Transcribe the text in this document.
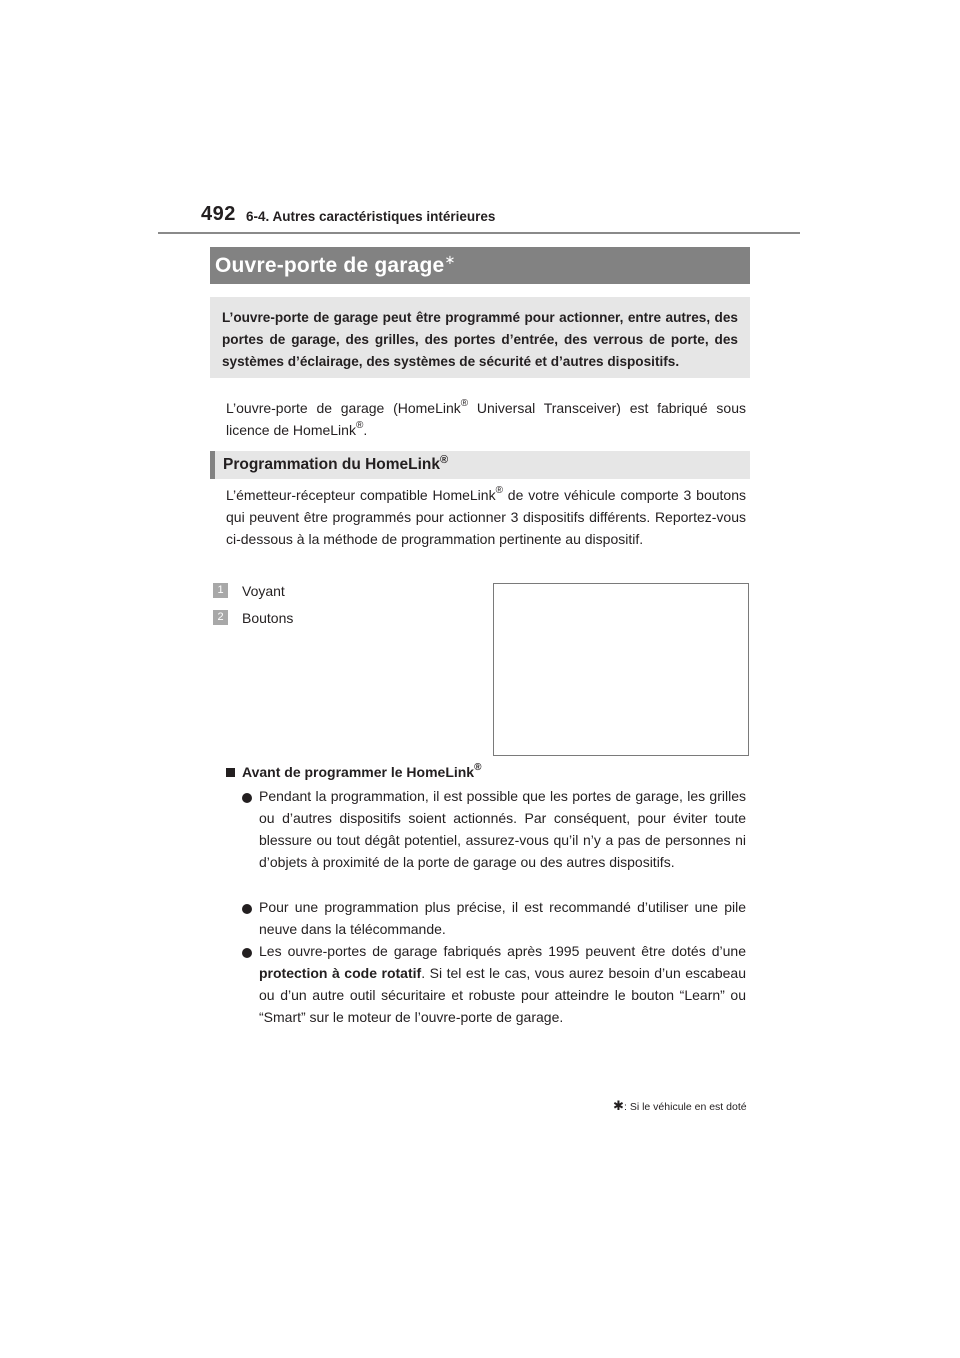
492 6-4. Autres caractéristiques intérieures
Ouvre-porte de garage∗
L’ouvre-porte de garage peut être programmé pour actionner, entre autres, des portes de garage, des grilles, des portes d’entrée, des verrous de porte, des systèmes d’éclairage, des systèmes de sécurité et d’autres dispositifs.
L’ouvre-porte de garage (HomeLink® Universal Transceiver) est fabriqué sous licence de HomeLink®.
Programmation du HomeLink®
L’émetteur-récepteur compatible HomeLink® de votre véhicule comporte 3 boutons qui peuvent être programmés pour actionner 3 dispositifs différents. Reportez-vous ci-dessous à la méthode de programmation pertinente au dispositif.
1	Voyant
2	Boutons
Avant de programmer le HomeLink®
Pendant la programmation, il est possible que les portes de garage, les grilles ou d’autres dispositifs soient actionnés. Par conséquent, pour éviter toute blessure ou tout dégât potentiel, assurez-vous qu’il n’y a pas de personnes ni d’objets à proximité de la porte de garage ou des autres dispositifs.
Pour une programmation plus précise, il est recommandé d’utiliser une pile neuve dans la télécommande.
Les ouvre-portes de garage fabriqués après 1995 peuvent être dotés d’une protection à code rotatif. Si tel est le cas, vous aurez besoin d’un escabeau ou d’un autre outil sécuritaire et robuste pour atteindre le bouton “Learn” ou “Smart” sur le moteur de l’ouvre-porte de garage.
✱ : Si le véhicule en est doté
